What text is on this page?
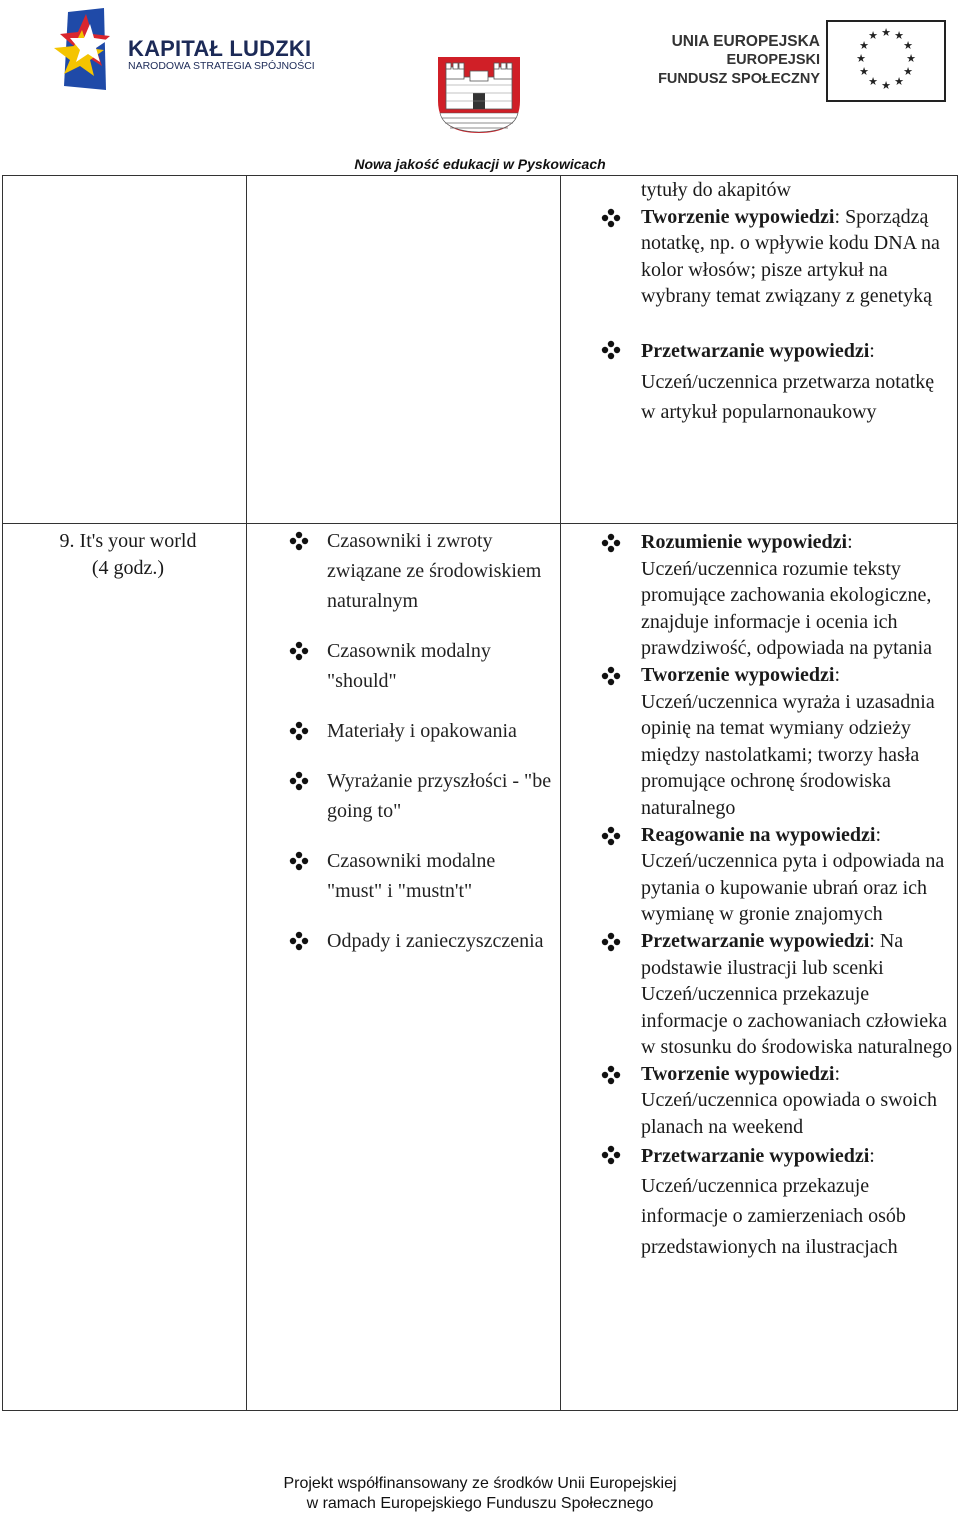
KAPITAŁ LUDZKI
NARODOWA STRATEGIA SPÓJNOŚCI
UNIA EUROPEJSKA
EUROPEJSKI
FUNDUSZ SPOŁECZNY
★ ★
★
★
★
★
★
★
★
★
★
★
Nowa jakość edukacji w Pyskowicach
tytuły do akapitów
Tworzenie wypowiedzi: Sporządzą notatkę, np. o wpływie kodu DNA na kolor włosów; pisze artykuł na wybrany temat związany z genetyką
Przetwarzanie wypowiedzi: Uczeń/uczennica przetwarza notatkę w artykuł popularnonaukowy
9. It's your world
(4 godz.)
Czasowniki i zwroty związane ze środowiskiem naturalnym
Czasownik modalny "should"
Materiały i opakowania
Wyrażanie przyszłości - "be going to"
Czasowniki modalne "must" i "mustn't"
Odpady i zanieczyszczenia
Rozumienie wypowiedzi: Uczeń/uczennica rozumie teksty promujące zachowania ekologiczne, znajduje informacje i ocenia ich prawdziwość, odpowiada na pytania
Tworzenie wypowiedzi: Uczeń/uczennica wyraża i uzasadnia opinię na temat wymiany odzieży między nastolatkami; tworzy hasła promujące ochronę środowiska naturalnego
Reagowanie na wypowiedzi: Uczeń/uczennica pyta i odpowiada na pytania o kupowanie ubrań oraz ich wymianę w gronie znajomych
Przetwarzanie wypowiedzi: Na podstawie ilustracji lub scenki Uczeń/uczennica przekazuje informacje o zachowaniach człowieka w stosunku do środowiska naturalnego
Tworzenie wypowiedzi: Uczeń/uczennica opowiada o swoich planach na weekend
Przetwarzanie wypowiedzi: Uczeń/uczennica przekazuje informacje o zamierzeniach osób przedstawionych na ilustracjach
Projekt współfinansowany ze środków Unii Europejskiej
w ramach Europejskiego Funduszu Społecznego
